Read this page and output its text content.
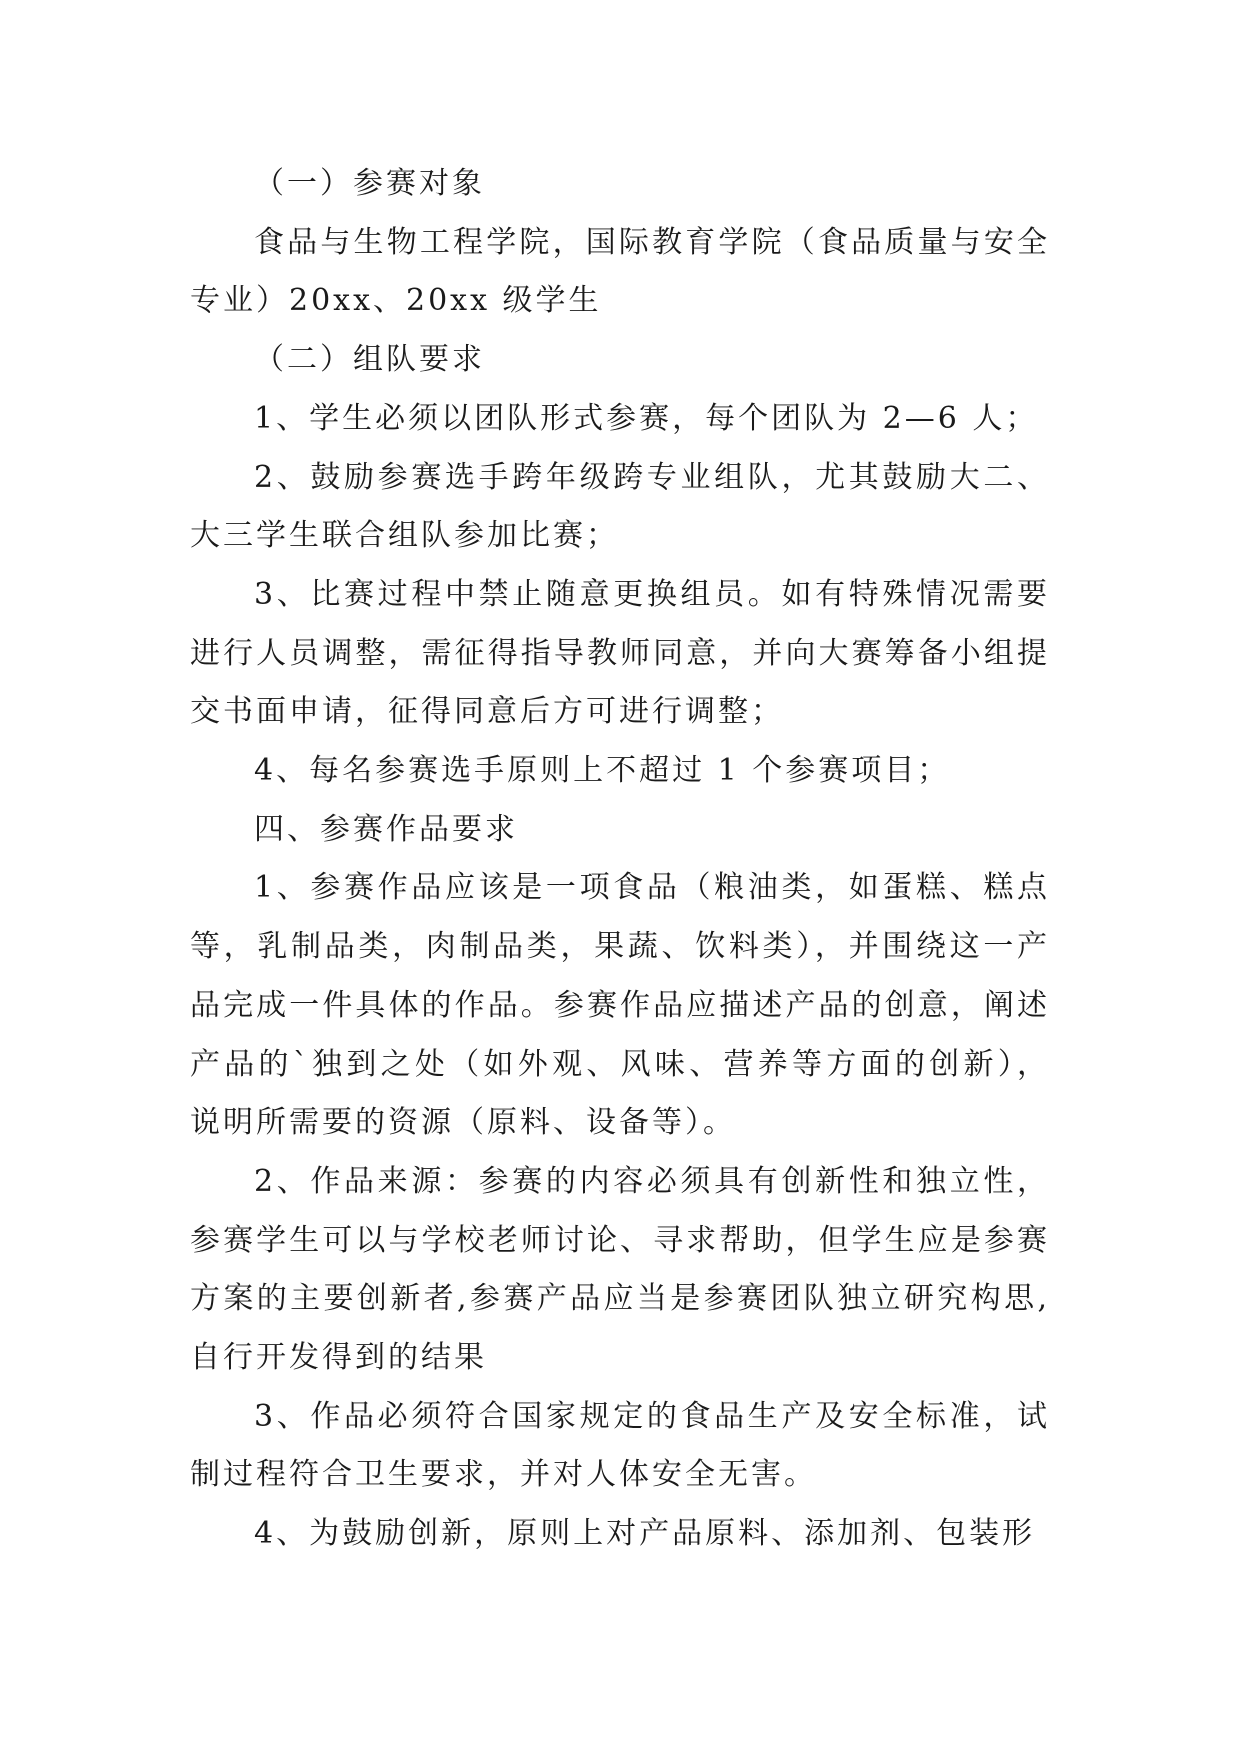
（一）参赛对象

食品与生物工程学院，国际教育学院（食品质量与安全专业）20xx、20xx 级学生

（二）组队要求

1、学生必须以团队形式参赛，每个团队为 2—6 人；

2、鼓励参赛选手跨年级跨专业组队，尤其鼓励大二、大三学生联合组队参加比赛；

3、比赛过程中禁止随意更换组员。如有特殊情况需要进行人员调整，需征得指导教师同意，并向大赛筹备小组提交书面申请，征得同意后方可进行调整；

4、每名参赛选手原则上不超过 1 个参赛项目；

四、参赛作品要求

1、参赛作品应该是一项食品（粮油类，如蛋糕、糕点等，乳制品类，肉制品类，果蔬、饮料类），并围绕这一产品完成一件具体的作品。参赛作品应描述产品的创意，阐述产品的`独到之处（如外观、风味、营养等方面的创新），说明所需要的资源（原料、设备等）。

2、作品来源：参赛的内容必须具有创新性和独立性，参赛学生可以与学校老师讨论、寻求帮助，但学生应是参赛方案的主要创新者,参赛产品应当是参赛团队独立研究构思,自行开发得到的结果

3、作品必须符合国家规定的食品生产及安全标准，试制过程符合卫生要求，并对人体安全无害。

4、为鼓励创新，原则上对产品原料、添加剂、包装形
